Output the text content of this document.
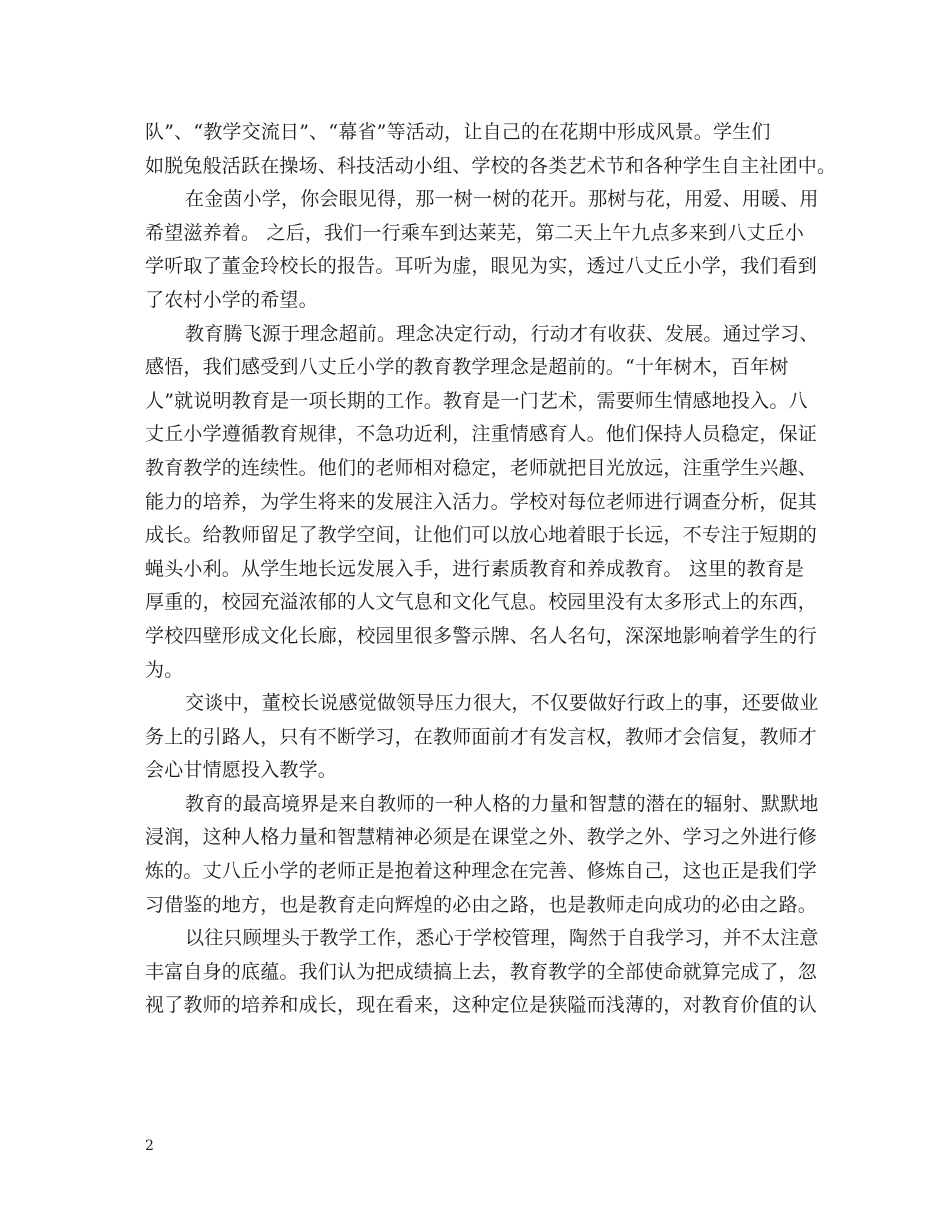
队”、“教学交流日”、“幕省”等活动，让自己的在花期中形成风景。学生们
如脱兔般活跃在操场、科技活动小组、学校的各类艺术节和各种学生自主社团中。
在金茵小学，你会眼见得，那一树一树的花开。那树与花，用爱、用暖、用
希望滋养着。 之后，我们一行乘车到达莱芜，第二天上午九点多来到八丈丘小
学听取了董金玲校长的报告。耳听为虚，眼见为实，透过八丈丘小学，我们看到
了农村小学的希望。
教育腾飞源于理念超前。理念决定行动，行动才有收获、发展。通过学习、
感悟，我们感受到八丈丘小学的教育教学理念是超前的。“十年树木，百年树
人”就说明教育是一项长期的工作。教育是一门艺术，需要师生情感地投入。八
丈丘小学遵循教育规律，不急功近利，注重情感育人。他们保持人员稳定，保证
教育教学的连续性。他们的老师相对稳定，老师就把目光放远，注重学生兴趣、
能力的培养，为学生将来的发展注入活力。学校对每位老师进行调查分析，促其
成长。给教师留足了教学空间，让他们可以放心地着眼于长远，不专注于短期的
蝇头小利。从学生地长远发展入手，进行素质教育和养成教育。 这里的教育是
厚重的，校园充溢浓郁的人文气息和文化气息。校园里没有太多形式上的东西，
学校四壁形成文化长廊，校园里很多警示牌、名人名句，深深地影响着学生的行
为。
交谈中，董校长说感觉做领导压力很大，不仅要做好行政上的事，还要做业
务上的引路人，只有不断学习，在教师面前才有发言权，教师才会信复，教师才
会心甘情愿投入教学。
教育的最高境界是来自教师的一种人格的力量和智慧的潜在的辐射、默默地
浸润，这种人格力量和智慧精神必须是在课堂之外、教学之外、学习之外进行修
炼的。丈八丘小学的老师正是抱着这种理念在完善、修炼自己，这也正是我们学
习借鉴的地方，也是教育走向辉煌的必由之路，也是教师走向成功的必由之路。
以往只顾埋头于教学工作，悉心于学校管理，陶然于自我学习，并不太注意
丰富自身的底蕴。我们认为把成绩搞上去，教育教学的全部使命就算完成了，忽
视了教师的培养和成长，现在看来，这种定位是狭隘而浅薄的，对教育价值的认
2
